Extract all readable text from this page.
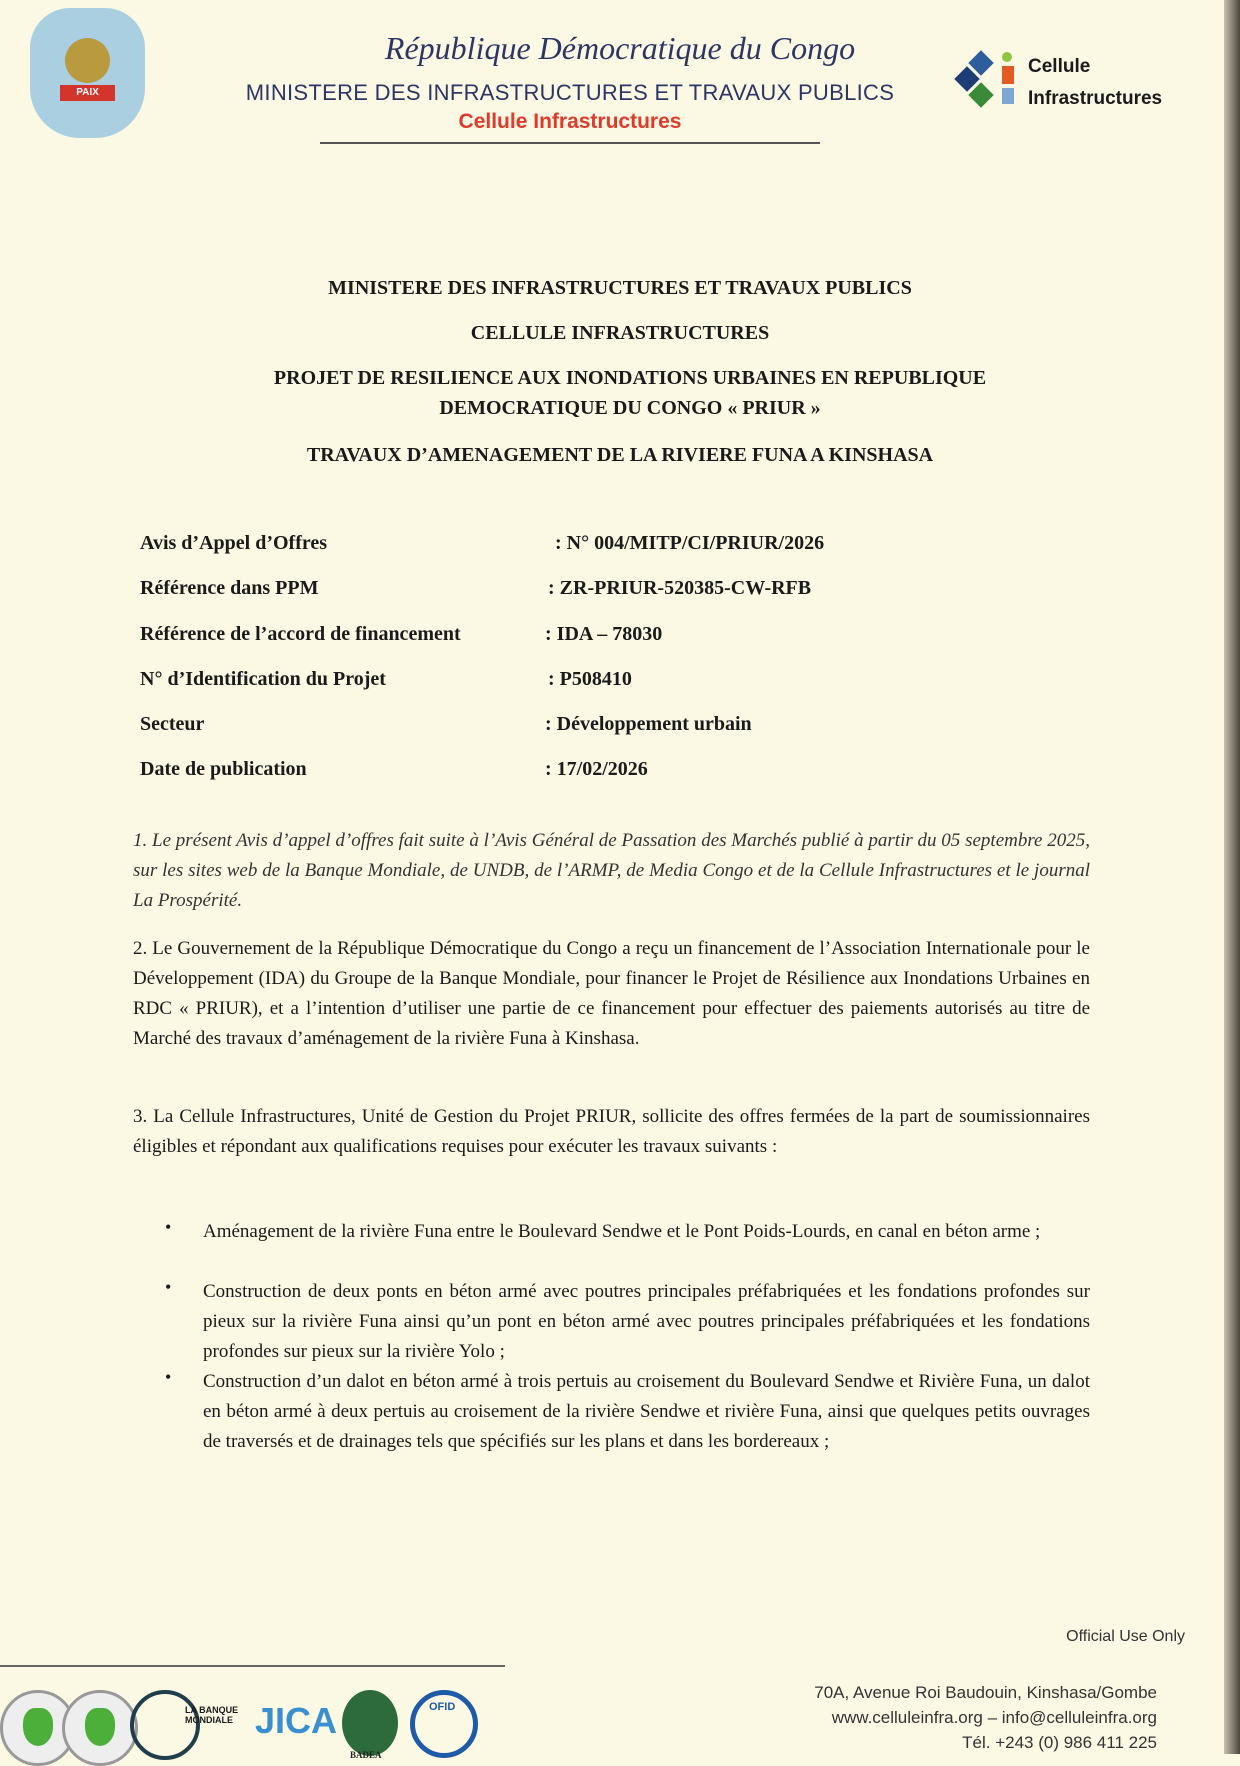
PAIX
République Démocratique du Congo
MINISTERE DES INFRASTRUCTURES ET TRAVAUX PUBLICS
Cellule Infrastructures
Cellule
Infrastructures
MINISTERE DES INFRASTRUCTURES ET TRAVAUX PUBLICS
CELLULE INFRASTRUCTURES
PROJET DE RESILIENCE AUX INONDATIONS URBAINES EN REPUBLIQUE DEMOCRATIQUE DU CONGO « PRIUR »
TRAVAUX D’AMENAGEMENT DE LA RIVIERE FUNA A KINSHASA
Avis d’Appel d’Offres	: N° 004/MITP/CI/PRIUR/2026
Référence dans PPM	: ZR-PRIUR-520385-CW-RFB
Référence de l’accord de financement	: IDA – 78030
N° d’Identification du Projet	: P508410
Secteur	: Développement urbain
Date de publication	: 17/02/2026
1. Le présent Avis d’appel d’offres fait suite à l’Avis Général de Passation des Marchés publié à partir du 05 septembre 2025, sur les sites web de la Banque Mondiale, de UNDB, de l’ARMP, de Media Congo et de la Cellule Infrastructures et le journal La Prospérité.
2. Le Gouvernement de la République Démocratique du Congo a reçu un financement de l’Association Internationale pour le Développement (IDA) du Groupe de la Banque Mondiale, pour financer le Projet de Résilience aux Inondations Urbaines en RDC « PRIUR), et a l’intention d’utiliser une partie de ce financement pour effectuer des paiements autorisés au titre de Marché des travaux d’aménagement de la rivière Funa à Kinshasa.
3. La Cellule Infrastructures, Unité de Gestion du Projet PRIUR, sollicite des offres fermées de la part de soumissionnaires éligibles et répondant aux qualifications requises pour exécuter les travaux suivants :
• Aménagement de la rivière Funa entre le Boulevard Sendwe et le Pont Poids-Lourds, en canal en béton arme ;
• Construction de deux ponts en béton armé avec poutres principales préfabriquées et les fondations profondes sur pieux sur la rivière Funa ainsi qu’un pont en béton armé avec poutres principales préfabriquées et les fondations profondes sur pieux sur la rivière Yolo ;
• Construction d’un dalot en béton armé à trois pertuis au croisement du Boulevard Sendwe et Rivière Funa, un dalot en béton armé à deux pertuis au croisement de la rivière Sendwe et rivière Funa, ainsi que quelques petits ouvrages de traversés et de drainages tels que spécifiés sur les plans et dans les bordereaux ;
Official Use Only
LA BANQUE MONDIALE JICA
BADEA
OFID
70A, Avenue Roi Baudouin, Kinshasa/Gombe
www.celluleinfra.org – info@celluleinfra.org
Tél. +243 (0) 986 411 225
